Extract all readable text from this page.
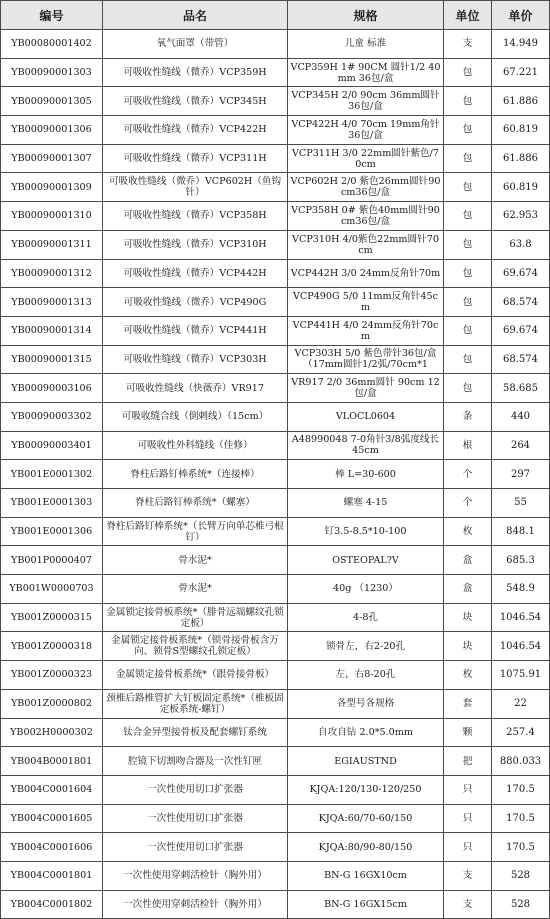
编号	品名	规格	单位	单价
YB00080001402	氧气面罩（带管）	儿童 标准	支	14.949
YB00090001303	可吸收性缝线（微乔）VCP359H	VCP359H 1# 90CM 圆针1/2 40mm 36包/盒	包	67.221
YB00090001305	可吸收性缝线（微乔）VCP345H	VCP345H 2/0 90cm 36mm圆针36包/盒	包	61.886
YB00090001306	可吸收性缝线（微乔）VCP422H	VCP422H 4/0 70cm 19mm角针36包/盒	包	60.819
YB00090001307	可吸收性缝线（微乔）VCP311H	VCP311H 3/0 22mm圆针紫色/70cm	包	61.886
YB00090001309	可吸收性缝线（微乔）VCP602H（鱼钩针）	VCP602H 2/0 紫色26mm圆针90cm36包/盒	包	60.819
YB00090001310	可吸收性缝线（微乔）VCP358H	VCP358H 0# 紫色40mm圆针90cm36包/盒	包	62.953
YB00090001311	可吸收性缝线（微乔）VCP310H	VCP310H 4/0紫色22mm圆针70cm	包	63.8
YB00090001312	可吸收性缝线（微乔）VCP442H	VCP442H 3/0 24mm反角针70m	包	69.674
YB00090001313	可吸收性缝线（微乔）VCP490G	VCP490G 5/0 11mm反角针45cm	包	68.574
YB00090001314	可吸收性缝线（微乔）VCP441H	VCP441H 4/0 24mm反角针70cm	包	69.674
YB00090001315	可吸收性缝线（微乔）VCP303H	VCP303H 5/0 紫色带针36包/盒（17mm圆针1/2弧/70cm*1	包	68.574
YB00090003106	可吸收性缝线（快薇乔）VR917	VR917 2/0 36mm圆针 90cm 12包/盒	包	58.685
YB00090003302	可吸收缝合线（倒刺线）（15cm）	VLOCL0604	条	440
YB00090003401	可吸收性外科缝线（佳修）	A48990048 7-0角针3/8弧度线长45cm	根	264
YB001E0001302	脊柱后路钉棒系统*（连接棒）	棒 L=30-600	个	297
YB001E0001303	脊柱后路钉棒系统*（螺塞）	螺塞 4-15	个	55
YB001E0001306	脊柱后路钉棒系统*（长臂万向单芯椎弓根钉）	钉3.5-8.5*10-100	枚	848.1
YB001P0000407	骨水泥*	OSTEOPAL?V	盒	685.3
YB001W0000703	骨水泥*	40g （1230）	盒	548.9
YB001Z0000315	金属锁定接骨板系统*（腓骨远端螺纹孔锁定板）	4-8孔	块	1046.54
YB001Z0000318	金属锁定接骨板系统*（锁骨接骨板含万向、锁骨S型螺纹孔锁定板）	锁骨左，右2-20孔	块	1046.54
YB001Z0000323	金属锁定接骨板系统*（跟骨接骨板）	左，右8-20孔	枚	1075.91
YB001Z0000802	颈椎后路椎管扩大钉板固定系统*（椎板固定板系统-螺钉）	各型号各规格	套	22
YB002H0000302	钛合金异型接骨板及配套螺钉系统	自攻自钻 2.0*5.0mm	颗	257.4
YB004B0001801	腔镜下切割吻合器及一次性钉匣	EGIAUSTND	把	880.033
YB004C0001604	一次性使用切口扩张器	KJQA:120/130-120/250	只	170.5
YB004C0001605	一次性使用切口扩张器	KJQA:60/70-60/150	只	170.5
YB004C0001606	一次性使用切口扩张器	KJQA:80/90-80/150	只	170.5
YB004C0001801	一次性使用穿刺活检针（胸外用）	BN-G 16GX10cm	支	528
YB004C0001802	一次性使用穿刺活检针（胸外用）	BN-G 16GX15cm	支	528
